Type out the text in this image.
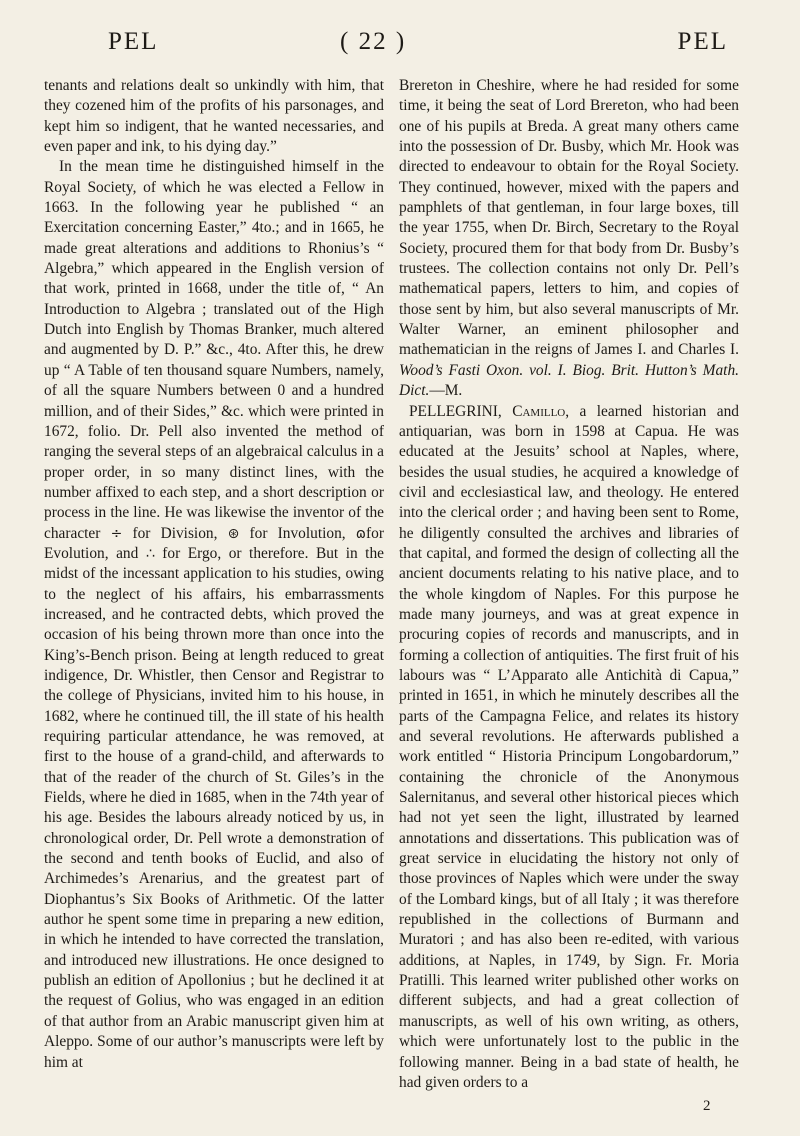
PEL	( 22 )	PEL

tenants and relations dealt so unkindly with him, that they cozened him of the profits of his parsonages, and kept him so indigent, that he wanted necessaries, and even paper and ink, to his dying day.”

In the mean time he distinguished himself in the Royal Society, of which he was elected a Fellow in 1663. In the following year he published “ an Exercitation concerning Easter,” 4to.; and in 1665, he made great alterations and additions to Rhonius’s “ Algebra,” which appeared in the English version of that work, printed in 1668, under the title of, “ An Introduction to Algebra ; translated out of the High Dutch into English by Thomas Branker, much altered and augmented by D. P.” &c., 4to. After this, he drew up “ A Table of ten thousand square Numbers, namely, of all the square Numbers between 0 and a hundred million, and of their Sides,” &c. which were printed in 1672, folio. Dr. Pell also invented the method of ranging the several steps of an algebraical calculus in a proper order, in so many distinct lines, with the number affixed to each step, and a short description or process in the line. He was likewise the inventor of the character ÷ for Division, ⊛ for Involution, ɷfor Evolution, and ∴ for Ergo, or therefore. But in the midst of the incessant application to his studies, owing to the neglect of his affairs, his embarrassments increased, and he contracted debts, which proved the occasion of his being thrown more than once into the King’s-Bench prison. Being at length reduced to great indigence, Dr. Whistler, then Censor and Registrar to the college of Physicians, invited him to his house, in 1682, where he continued till, the ill state of his health requiring particular attendance, he was removed, at first to the house of a grand-child, and afterwards to that of the reader of the church of St. Giles’s in the Fields, where he died in 1685, when in the 74th year of his age. Besides the labours already noticed by us, in chronological order, Dr. Pell wrote a demonstration of the second and tenth books of Euclid, and also of Archimedes’s Arenarius, and the greatest part of Diophantus’s Six Books of Arithmetic. Of the latter author he spent some time in preparing a new edition, in which he intended to have corrected the translation, and introduced new illustrations. He once designed to publish an edition of Apollonius ; but he declined it at the request of Golius, who was engaged in an edition of that author from an Arabic manuscript given him at Aleppo. Some of our author’s manuscripts were left by him at

Brereton in Cheshire, where he had resided for some time, it being the seat of Lord Brereton, who had been one of his pupils at Breda. A great many others came into the possession of Dr. Busby, which Mr. Hook was directed to endeavour to obtain for the Royal Society. They continued, however, mixed with the papers and pamphlets of that gentleman, in four large boxes, till the year 1755, when Dr. Birch, Secretary to the Royal Society, procured them for that body from Dr. Busby’s trustees. The collection contains not only Dr. Pell’s mathematical papers, letters to him, and copies of those sent by him, but also several manuscripts of Mr. Walter Warner, an eminent philosopher and mathematician in the reigns of James I. and Charles I. Wood’s Fasti Oxon. vol. I. Biog. Brit. Hutton’s Math. Dict.—M.

PELLEGRINI, Camillo, a learned historian and antiquarian, was born in 1598 at Capua. He was educated at the Jesuits’ school at Naples, where, besides the usual studies, he acquired a knowledge of civil and ecclesiastical law, and theology. He entered into the clerical order ; and having been sent to Rome, he diligently consulted the archives and libraries of that capital, and formed the design of collecting all the ancient documents relating to his native place, and to the whole kingdom of Naples. For this purpose he made many journeys, and was at great expence in procuring copies of records and manuscripts, and in forming a collection of antiquities. The first fruit of his labours was “ L’Apparato alle Antichità di Capua,” printed in 1651, in which he minutely describes all the parts of the Campagna Felice, and relates its history and several revolutions. He afterwards published a work entitled “ Historia Principum Longobardorum,” containing the chronicle of the Anonymous Salernitanus, and several other historical pieces which had not yet seen the light, illustrated by learned annotations and dissertations. This publication was of great service in elucidating the history not only of those provinces of Naples which were under the sway of the Lombard kings, but of all Italy ; it was therefore republished in the collections of Burmann and Muratori ; and has also been re-edited, with various additions, at Naples, in 1749, by Sign. Fr. Moria Pratilli. This learned writer published other works on different subjects, and had a great collection of manuscripts, as well of his own writing, as others, which were unfortunately lost to the public in the following manner. Being in a bad state of health, he had given orders to a

2
